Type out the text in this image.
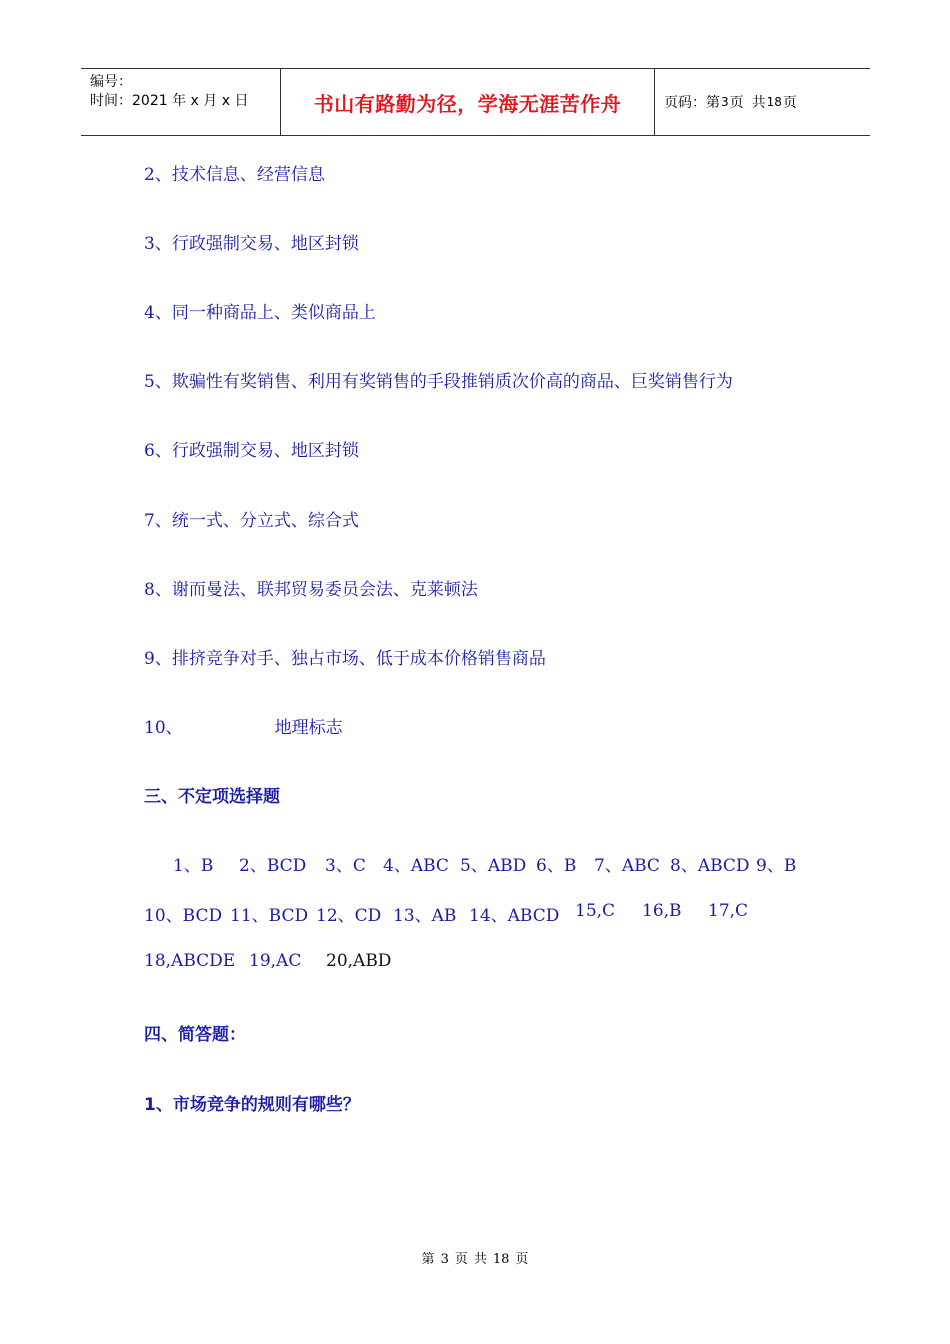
编号：
时间：2021 年 x 月 x 日	书山有路勤为径，学海无涯苦作舟	页码：第 3 页 共 18 页
2、技术信息、经营信息
3、行政强制交易、地区封锁
4、同一种商品上、类似商品上
5、欺骗性有奖销售、利用有奖销售的手段推销质次价高的商品、巨奖销售行为
6、行政强制交易、地区封锁
7、统一式、分立式、综合式
8、谢而曼法、联邦贸易委员会法、克莱顿法
9、排挤竞争对手、独占市场、低于成本价格销售商品
10、	地理标志
三、不定项选择题
1、B 2、BCD 3、C 4、ABC 5、ABD 6、B 7、ABC 8、ABCD 9、B
10、BCD 11、BCD 12、CD 13、AB 14、ABCD 15,C 16,B 17,C
18,ABCDE 19,AC 20,ABD
四、简答题：
1、市场竞争的规则有哪些？
第 3 页 共 18 页
